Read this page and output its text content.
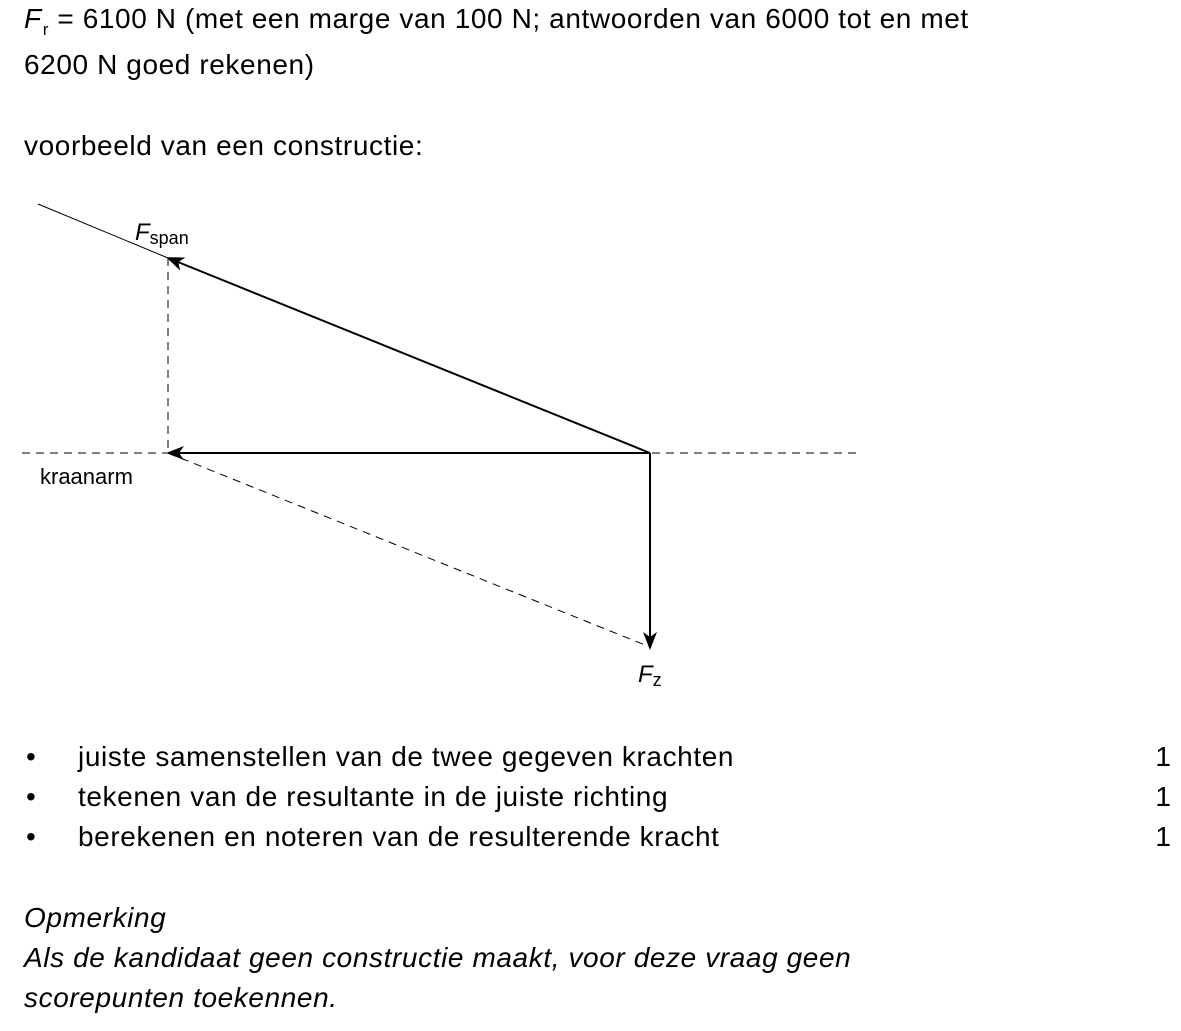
$F_r = 6100$ N (met een marge van 100 N; antwoorden van 6000 tot en met
6200 N goed rekenen)
voorbeeld van een constructie:
Fspan
kraanarm
Fz
• juiste samenstellen van de twee gegeven krachten	1
• tekenen van de resultante in de juiste richting	1
• berekenen en noteren van de resulterende kracht	1
Opmerking
Als de kandidaat geen constructie maakt, voor deze vraag geen
scorepunten toekennen.
